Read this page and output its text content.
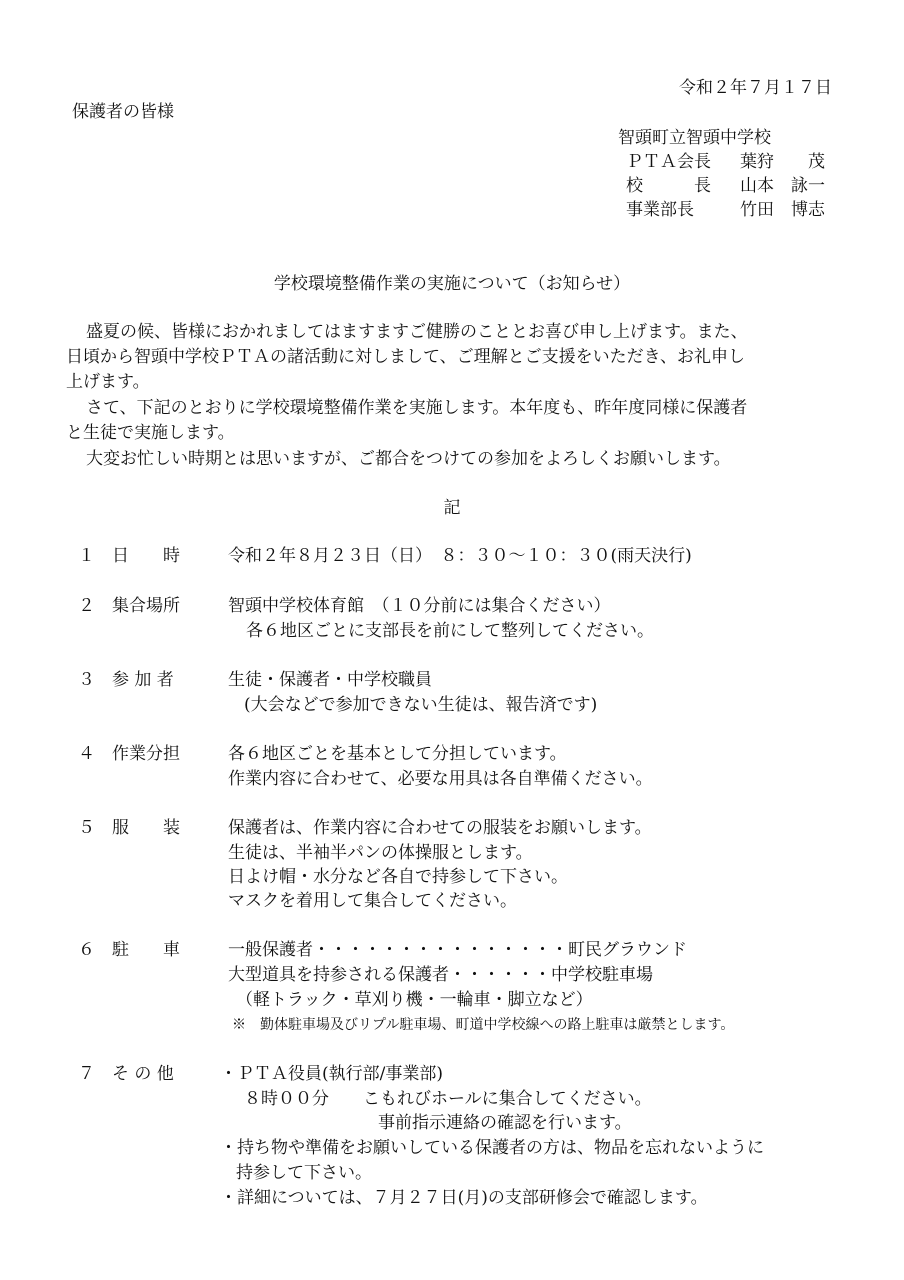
令和２年７月１７日
保護者の皆様
智頭町立智頭中学校
ＰＴＡ会長 葉狩　　茂
校　　　長 山本　詠一
事業部長	竹田　博志
学校環境整備作業の実施について（お知らせ）
盛夏の候、皆様におかれましてはますますご健勝のこととお喜び申し上げます。また、
日頃から智頭中学校ＰＴＡの諸活動に対しまして、ご理解とご支援をいただき、お礼申し
上げます。
さて、下記のとおりに学校環境整備作業を実施します。本年度も、昨年度同様に保護者
と生徒で実施します。
大変お忙しい時期とは思いますが、ご都合をつけての参加をよろしくお願いします。
記
１ 日　　時	令和２年８月２３日（日）　８：３０～１０：３０(雨天決行)
２ 集合場所	智頭中学校体育館　（１０分前には集合ください）
各６地区ごとに支部長を前にして整列してください。
３ 参 加 者	生徒・保護者・中学校職員
(大会などで参加できない生徒は、報告済です)
４ 作業分担	各６地区ごとを基本として分担しています。
作業内容に合わせて、必要な用具は各自準備ください。
５ 服　　装	保護者は、作業内容に合わせての服装をお願いします。
生徒は、半袖半パンの体操服とします。
日よけ帽・水分など各自で持参して下さい。
マスクを着用して集合してください。
６ 駐　　車	一般保護者・・・・・・・・・・・・・・・町民グラウンド
大型道具を持参される保護者・・・・・・中学校駐車場
（軽トラック・草刈り機・一輪車・脚立など）
※　勤体駐車場及びリプル駐車場、町道中学校線への路上駐車は厳禁とします。
７ そ の 他	・ＰＴＡ役員(執行部/事業部)
８時００分　　こもれびホールに集合してください。
事前指示連絡の確認を行います。
・持ち物や準備をお願いしている保護者の方は、物品を忘れないように
持参して下さい。
・詳細については、７月２７日(月)の支部研修会で確認します。
